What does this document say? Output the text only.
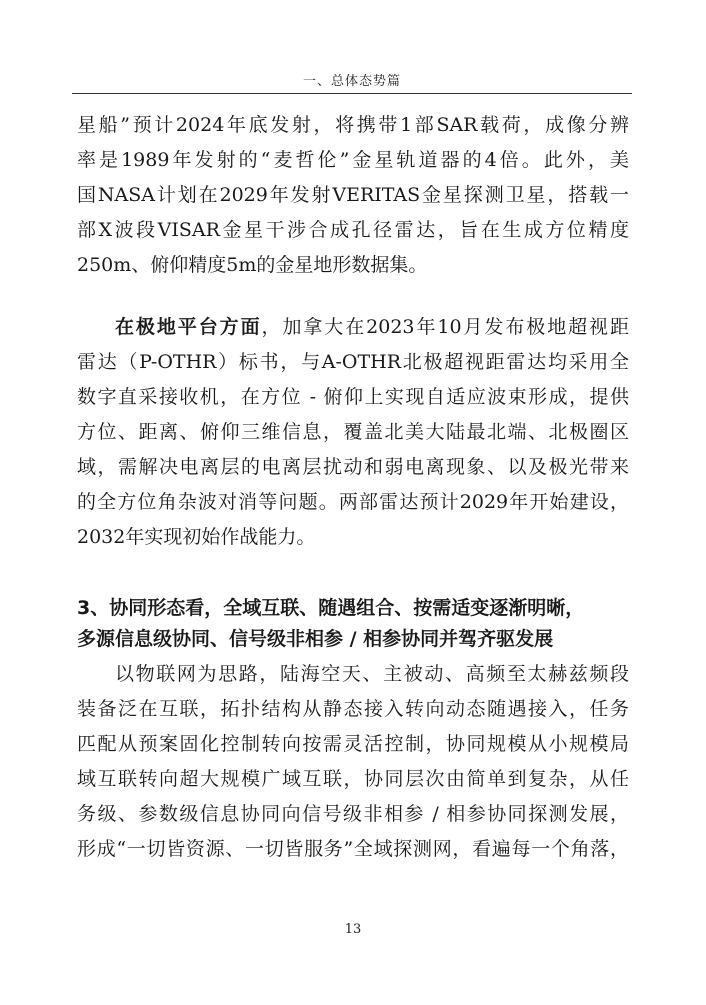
一、总体态势篇
星船”预计2024年底发射，将携带1部SAR载荷，成像分辨
率是1989年发射的“麦哲伦”金星轨道器的4倍。此外，美
国NASA计划在2029年发射VERITAS金星探测卫星，搭载一
部X波段VISAR金星干涉合成孔径雷达，旨在生成方位精度
250m、俯仰精度5m的金星地形数据集。
在极地平台方面，加拿大在2023年10月发布极地超视距
雷达（P-OTHR）标书，与A-OTHR北极超视距雷达均采用全
数字直采接收机，在方位 - 俯仰上实现自适应波束形成，提供
方位、距离、俯仰三维信息，覆盖北美大陆最北端、北极圈区
域，需解决电离层的电离层扰动和弱电离现象、以及极光带来
的全方位角杂波对消等问题。两部雷达预计2029年开始建设，
2032年实现初始作战能力。
3、协同形态看，全域互联、随遇组合、按需适变逐渐明晰，
多源信息级协同、信号级非相参 / 相参协同并驾齐驱发展
以物联网为思路，陆海空天、主被动、高频至太赫兹频段
装备泛在互联，拓扑结构从静态接入转向动态随遇接入，任务
匹配从预案固化控制转向按需灵活控制，协同规模从小规模局
域互联转向超大规模广域互联，协同层次由简单到复杂，从任
务级、参数级信息协同向信号级非相参 / 相参协同探测发展，
形成“一切皆资源、一切皆服务”全域探测网，看遍每一个角落，
13
